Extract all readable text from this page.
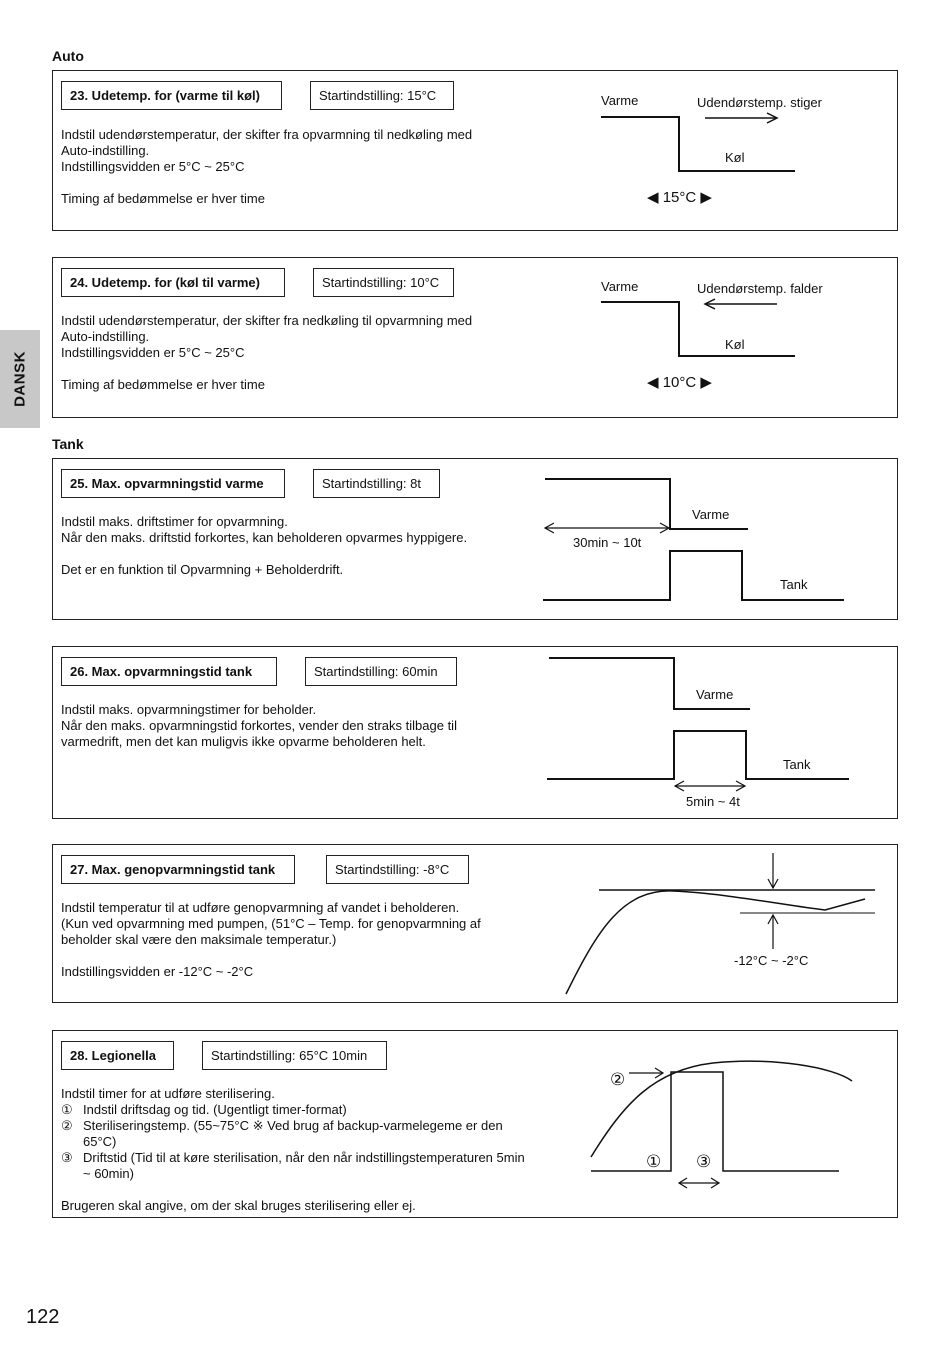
DANSK
Auto
23. Udetemp. for (varme til køl)	Startindstilling: 15°C

Indstil udendørstemperatur, der skifter fra opvarmning til nedkøling med

Auto-indstilling.

Indstillingsvidden er 5°C ~ 25°C

Timing af bedømmelse er hver time

Varme	Udendørstemp. stiger
Køl
◀ 15°C ▶
24. Udetemp. for (køl til varme)	Startindstilling: 10°C

Indstil udendørstemperatur, der skifter fra nedkøling til opvarmning med

Auto-indstilling.

Indstillingsvidden er 5°C ~ 25°C

Timing af bedømmelse er hver time

Varme	Udendørstemp. falder
Køl
◀ 10°C ▶
Tank
25. Max. opvarmningstid varme	Startindstilling: 8t

Indstil maks. driftstimer for opvarmning.

Når den maks. driftstid forkortes, kan beholderen opvarmes hyppigere.

Det er en funktion til Opvarmning + Beholderdrift.

Varme
30min ~ 10t
Tank
26. Max. opvarmningstid tank	Startindstilling: 60min

Indstil maks. opvarmningstimer for beholder.

Når den maks. opvarmningstid forkortes, vender den straks tilbage til

varmedrift, men det kan muligvis ikke opvarme beholderen helt.

Varme
Tank
5min ~ 4t
27. Max. genopvarmningstid tank	Startindstilling: -8°C

Indstil temperatur til at udføre genopvarmning af vandet i beholderen.

(Kun ved opvarmning med pumpen, (51°C – Temp. for genopvarmning af

beholder skal være den maksimale temperatur.)

Indstillingsvidden er -12°C ~ -2°C

-12°C ~ -2°C
28. Legionella	Startindstilling: 65°C 10min

Indstil timer for at udføre sterilisering.

① Indstil driftsdag og tid. (Ugentligt timer-format)
② Steriliseringstemp. (55~75°C ※ Ved brug af backup-varmelegeme er den 65°C)
③ Driftstid (Tid til at køre sterilisation, når den når indstillingstemperaturen 5min ~ 60min)

Brugeren skal angive, om der skal bruges sterilisering eller ej.

②
① ③
122
